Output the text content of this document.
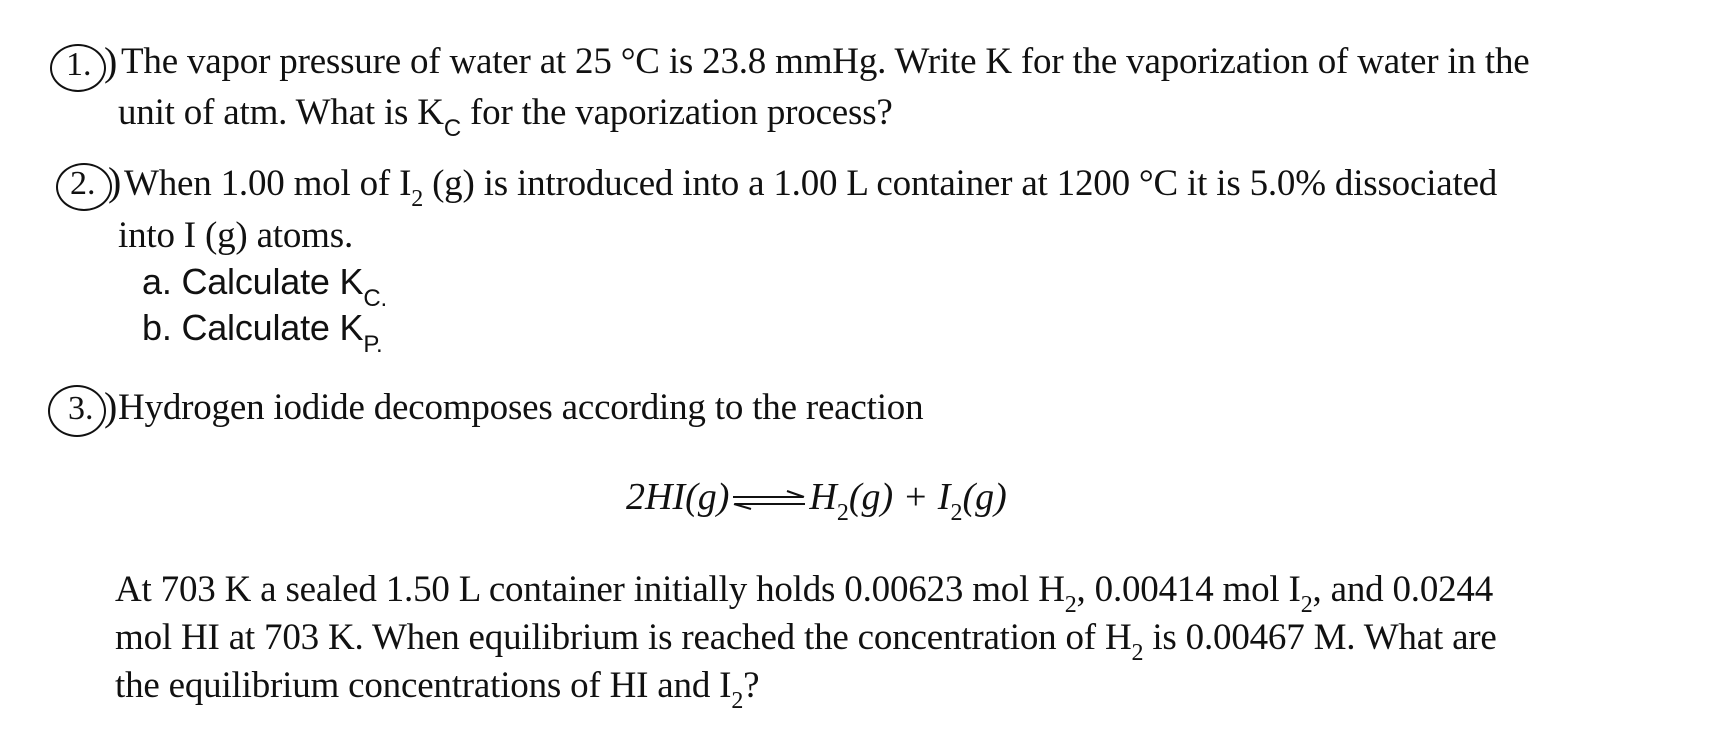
1. ) The vapor pressure of water at 25 °C is 23.8 mmHg. Write K for the vaporization of water in the
unit of atm. What is $K_C$ for the vaporization process?
2. ) When 1.00 mol of $I_2$ (g) is introduced into a 1.00 L container at 1200 °C it is 5.0% dissociated
into I (g) atoms.
a. Calculate $K_{C.}$
b. Calculate $K_{P.}$
3. ) Hydrogen iodide decomposes according to the reaction
2HI(g) ⇌ $H_2(g) + I_2(g)$
At 703 K a sealed 1.50 L container initially holds 0.00623 mol $H_2$, 0.00414 mol $I_2$, and 0.0244
mol HI at 703 K. When equilibrium is reached the concentration of $H_2$ is 0.00467 M. What are
the equilibrium concentrations of HI and $I_2$?
